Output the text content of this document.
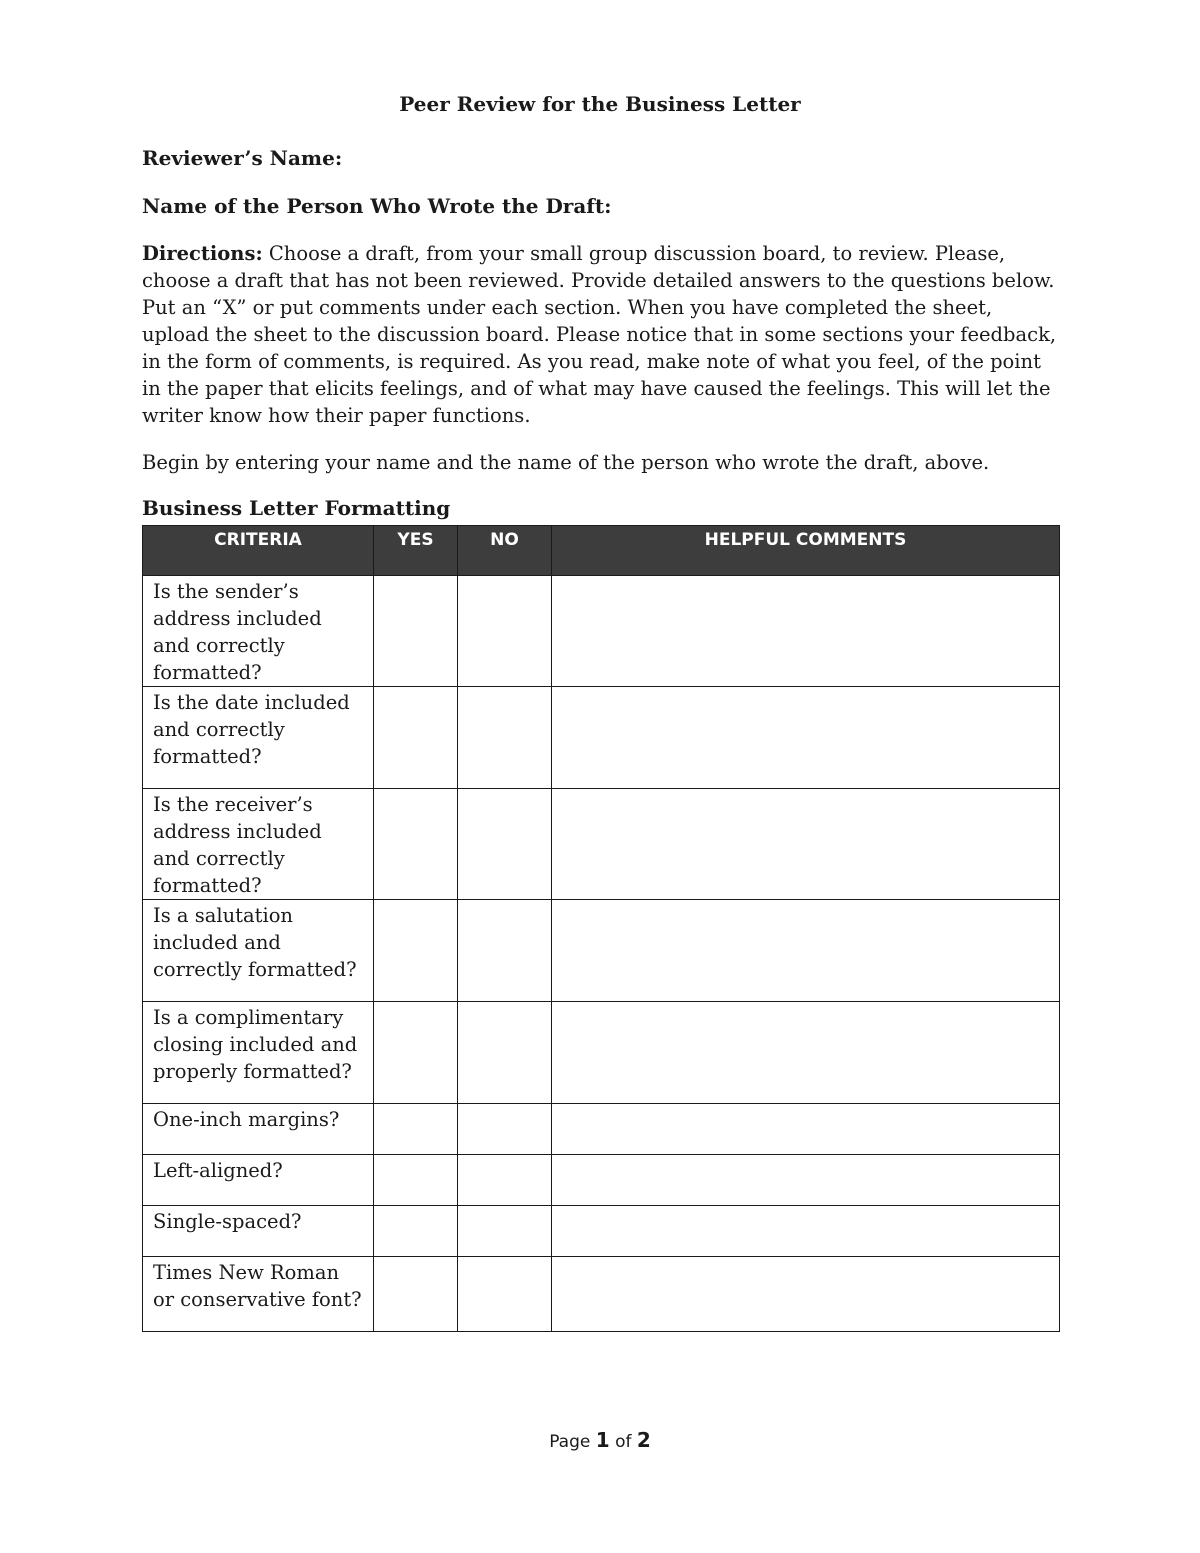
Peer Review for the Business Letter
Reviewer’s Name:
Name of the Person Who Wrote the Draft:
Directions: Choose a draft, from your small group discussion board, to review. Please, choose a draft that has not been reviewed. Provide detailed answers to the questions below. Put an “X” or put comments under each section. When you have completed the sheet, upload the sheet to the discussion board. Please notice that in some sections your feedback, in the form of comments, is required. As you read, make note of what you feel, of the point in the paper that elicits feelings, and of what may have caused the feelings. This will let the writer know how their paper functions.
Begin by entering your name and the name of the person who wrote the draft, above.
Business Letter Formatting
CRITERIA	YES	NO	HELPFUL COMMENTS
Is the sender’s address included and correctly formatted?			
Is the date included and correctly formatted?			
Is the receiver’s address included and correctly formatted?			
Is a salutation included and correctly formatted?			
Is a complimentary closing included and properly formatted?			
One-inch margins?			
Left-aligned?			
Single-spaced?			
Times New Roman or conservative font?			
Page 1 of 2
